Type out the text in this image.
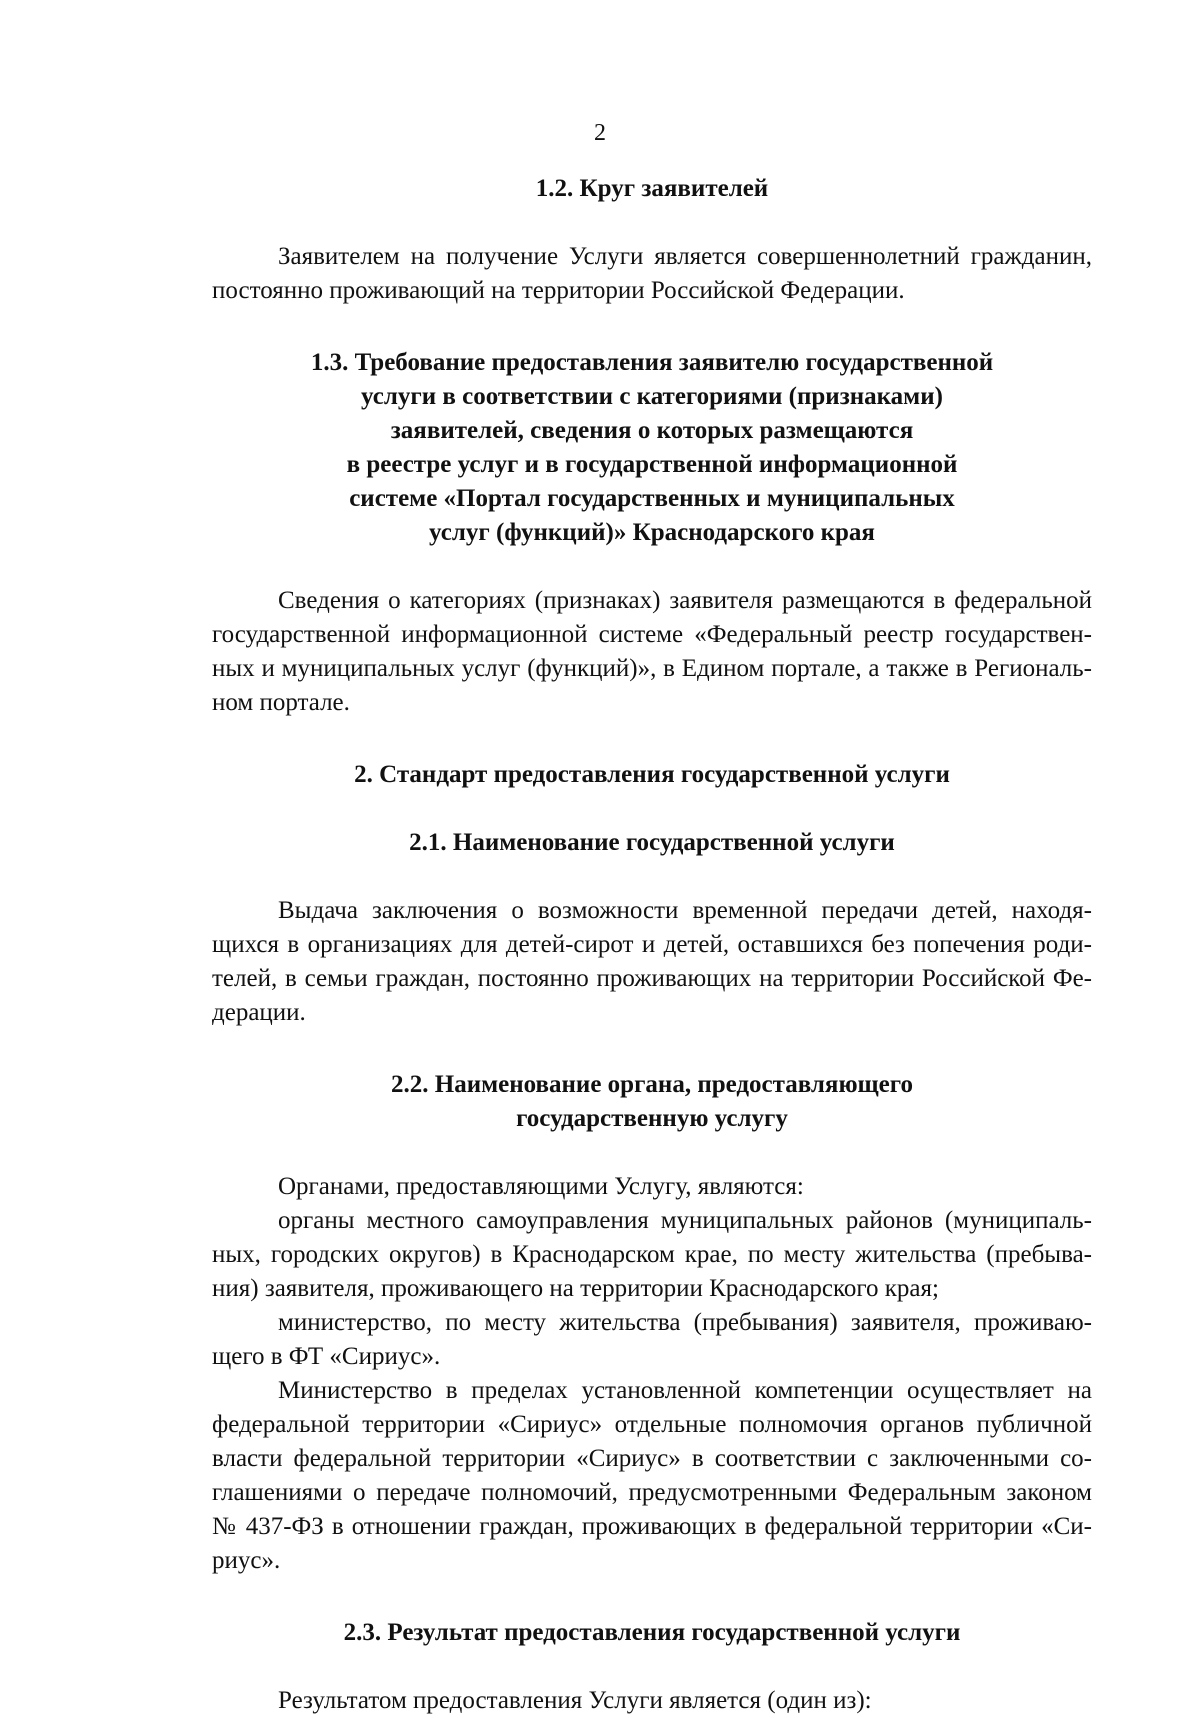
2

1.2. Круг заявителей

Заявителем на получение Услуги является совершеннолетний гражданин, постоянно проживающий на территории Российской Федерации.

1.3. Требование предоставления заявителю государственной

услуги в соответствии с категориями (признаками)

заявителей, сведения о которых размещаются

в реестре услуг и в государственной информационной

системе «Портал государственных и муниципальных

услуг (функций)» Краснодарского края

Сведения о категориях (признаках) заявителя размещаются в федеральной государственной информационной системе «Федеральный реестр государственных и муниципальных услуг (функций)», в Едином портале, а также в Региональном портале.

2. Стандарт предоставления государственной услуги

2.1. Наименование государственной услуги

Выдача заключения о возможности временной передачи детей, находящихся в организациях для детей-сирот и детей, оставшихся без попечения родителей, в семьи граждан, постоянно проживающих на территории Российской Федерации.

2.2. Наименование органа, предоставляющего

государственную услугу

Органами, предоставляющими Услугу, являются:

органы местного самоуправления муниципальных районов (муниципальных, городских округов) в Краснодарском крае, по месту жительства (пребывания) заявителя, проживающего на территории Краснодарского края;

министерство, по месту жительства (пребывания) заявителя, проживающего в ФТ «Сириус».

Министерство в пределах установленной компетенции осуществляет на федеральной территории «Сириус» отдельные полномочия органов публичной власти федеральной территории «Сириус» в соответствии с заключенными соглашениями о передаче полномочий, предусмотренными Федеральным законом № 437-ФЗ в отношении граждан, проживающих в федеральной территории «Сириус».

2.3. Результат предоставления государственной услуги

Результатом предоставления Услуги является (один из):
